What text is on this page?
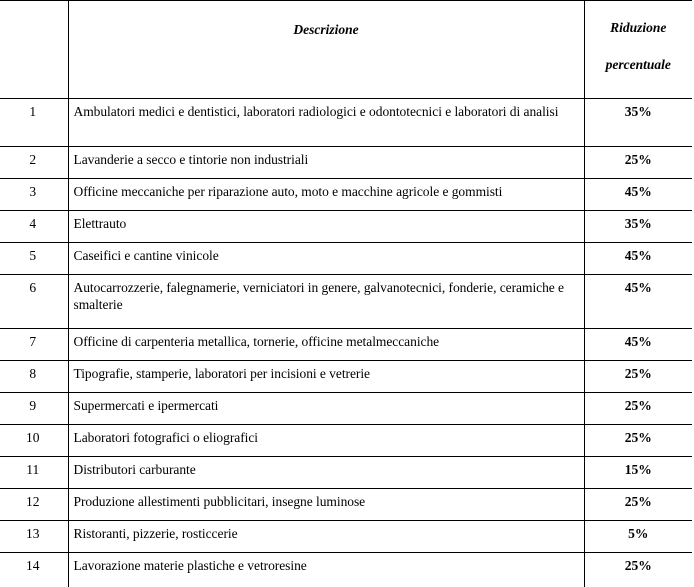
	Descrizione	Riduzione
percentuale

1	Ambulatori medici e dentistici, laboratori radiologici e odontotecnici e laboratori di analisi	35%
2	Lavanderie a secco e tintorie non industriali	25%
3	Officine meccaniche per riparazione auto, moto e macchine agricole e gommisti	45%
4	Elettrauto	35%
5	Caseifici e cantine vinicole	45%
6	Autocarrozzerie, falegnamerie, verniciatori in genere, galvanotecnici, fonderie, ceramiche e smalterie	45%
7	Officine di carpenteria metallica, tornerie, officine metalmeccaniche	45%
8	Tipografie, stamperie, laboratori per incisioni e vetrerie	25%
9	Supermercati e ipermercati	25%
10	Laboratori fotografici o eliografici	25%
11	Distributori carburante	15%
12	Produzione allestimenti pubblicitari, insegne luminose	25%
13	Ristoranti, pizzerie, rosticcerie	5%
14	Lavorazione materie plastiche e vetroresine	25%
